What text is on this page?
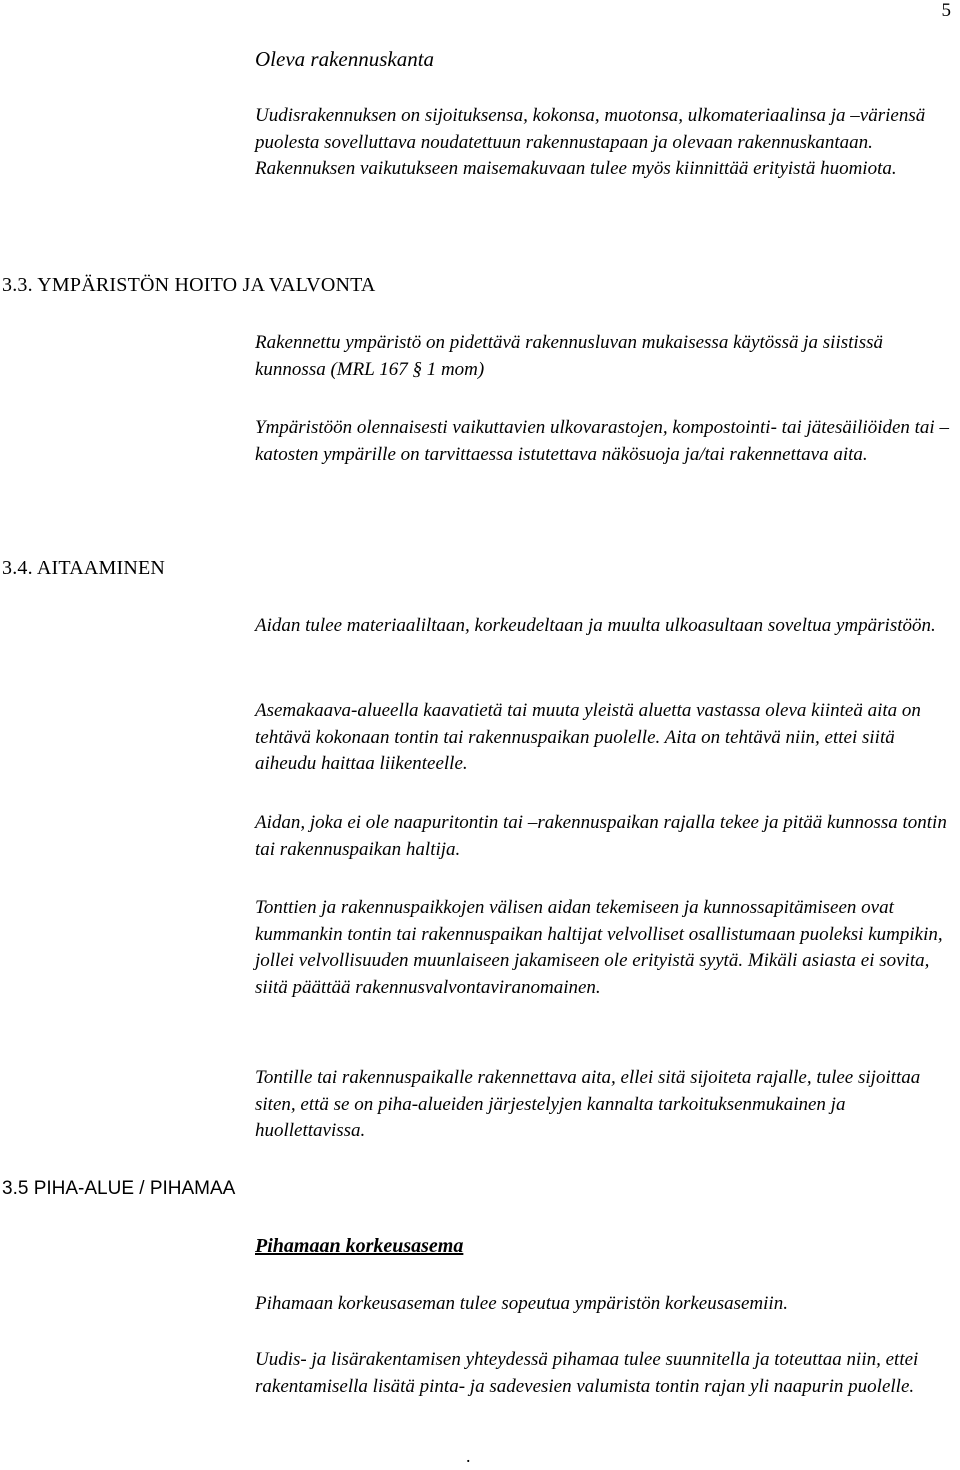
5
Oleva rakennuskanta
Uudisrakennuksen on sijoituksensa, kokonsa, muotonsa, ulkomateriaalinsa ja –väriensä puolesta sovelluttava noudatettuun rakennustapaan ja olevaan rakennuskantaan. Rakennuksen vaikutukseen maisemakuvaan tulee myös kiinnittää erityistä huomiota.
3.3. YMPÄRISTÖN HOITO JA VALVONTA
Rakennettu ympäristö on pidettävä rakennusluvan mukaisessa käytössä ja siistissä kunnossa (MRL 167 § 1 mom)
Ympäristöön olennaisesti vaikuttavien ulkovarastojen, kompostointi- tai jätesäiliöiden tai –katosten ympärille on tarvittaessa istutettava näkösuoja ja/tai rakennettava aita.
3.4. AITAAMINEN
Aidan tulee materiaaliltaan, korkeudeltaan ja muulta ulkoasultaan soveltua ympäristöön.
Asemakaava-alueella kaavatietä tai muuta yleistä aluetta vastassa oleva kiinteä aita on tehtävä kokonaan tontin tai rakennuspaikan puolelle. Aita on tehtävä niin, ettei siitä aiheudu haittaa liikenteelle.
Aidan, joka ei ole naapuritontin tai –rakennuspaikan rajalla tekee ja pitää kunnossa tontin tai rakennuspaikan haltija.
Tonttien ja rakennuspaikkojen välisen aidan tekemiseen ja kunnossapitämiseen ovat kummankin tontin tai rakennuspaikan haltijat velvolliset osallistumaan puoleksi kumpikin, jollei velvollisuuden muunlaiseen jakamiseen ole erityistä syytä. Mikäli asiasta ei sovita, siitä päättää rakennusvalvontaviranomainen.
Tontille tai rakennuspaikalle rakennettava aita, ellei sitä sijoiteta rajalle, tulee sijoittaa siten, että se on piha-alueiden järjestelyjen kannalta tarkoituksenmukainen ja huollettavissa.
3.5 PIHA-ALUE / PIHAMAA
Pihamaan korkeusasema
Pihamaan korkeusaseman tulee sopeutua ympäristön korkeusasemiin.
Uudis- ja lisärakentamisen yhteydessä pihamaa tulee suunnitella ja toteuttaa niin, ettei rakentamisella lisätä pinta- ja sadevesien valumista tontin rajan yli naapurin puolelle.
.
